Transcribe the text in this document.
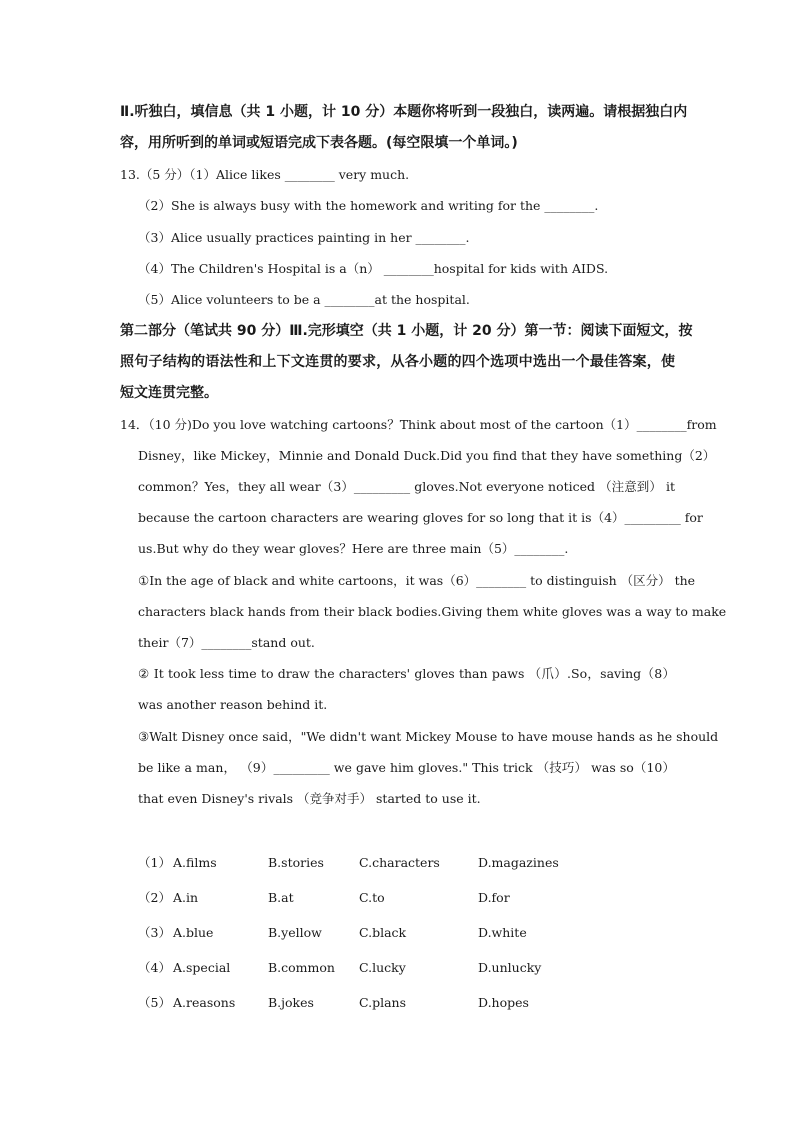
Ⅱ.听独白，填信息（共 1 小题，计 10 分）本题你将听到一段独白，读两遍。请根据独白内
容，用所听到的单词或短语完成下表各题。(每空限填一个单词。)
13.（5 分）（1）Alice likes ________ very much.
（2）She is always busy with the homework and writing for the ________.
（3）Alice usually practices painting in her ________.
（4）The Children's Hospital is a（n） ________hospital for kids with AIDS.
（5）Alice volunteers to be a ________at the hospital.
第二部分（笔试共 90 分）Ⅲ.完形填空（共 1 小题，计 20 分）第一节：阅读下面短文，按
照句子结构的语法性和上下文连贯的要求，从各小题的四个选项中选出一个最佳答案，使
短文连贯完整。
14．（10 分)Do you love watching cartoons？Think about most of the cartoon（1）________from
Disney，like Mickey，Minnie and Donald Duck.Did you find that they have something（2）
common？Yes，they all wear（3）_________ gloves.Not everyone noticed （注意到） it
because the cartoon characters are wearing gloves for so long that it is（4）_________ for
us.But why do they wear gloves？Here are three main（5）________.
①In the age of black and white cartoons，it was（6）________ to distinguish （区分） the
characters black hands from their black bodies.Giving them white gloves was a way to make
their（7）________stand out.
② It took less time to draw the characters' gloves than paws （爪）.So，saving（8）
was another reason behind it.
③Walt Disney once said，"We didn't want Mickey Mouse to have mouse hands as he should
be like a man， （9）_________ we gave him gloves." This trick （技巧） was so（10）
that even Disney's rivals （竞争对手） started to use it.
（1） A.films	B.stories	C.characters	D.magazines
（2） A.in	B.at	C.to	D.for
（3） A.blue	B.yellow	C.black	D.white
（4） A.special	B.common C.lucky	D.unlucky
（5） A.reasons	B.jokes	C.plans	D.hopes
